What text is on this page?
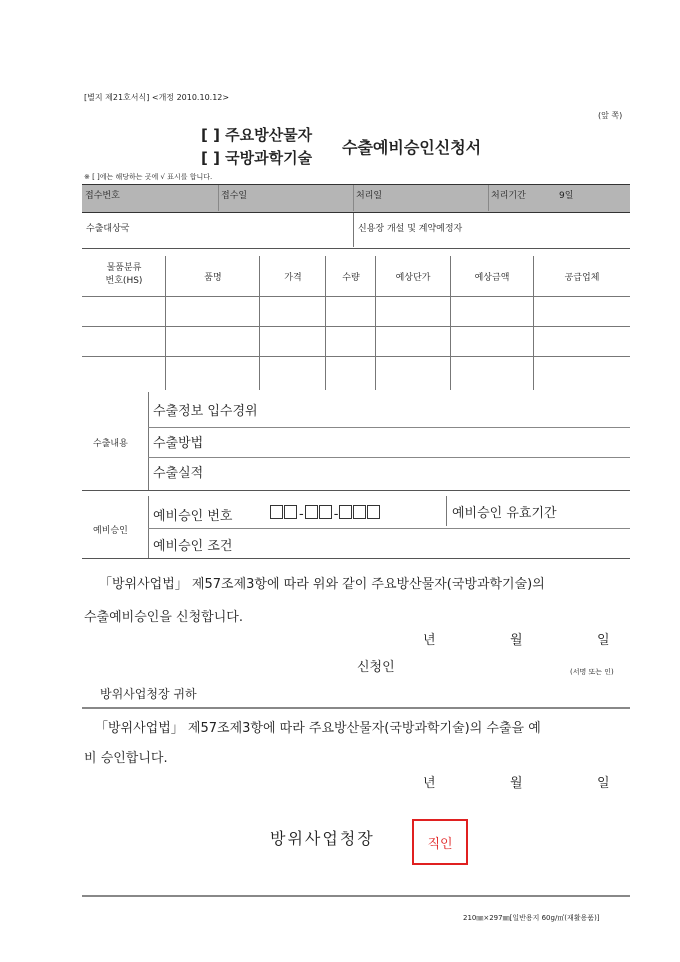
[별지 제21호서식] <개정 2010.10.12>
(앞 쪽)
[ ] 주요방산물자
[ ] 국방과학기술
수출예비승인신청서
※ [ ]에는 해당하는 곳에 √ 표시를 합니다.
접수번호	접수일	처리일	처리기간	9일
수출대상국	신용장 개설 및 계약예정자
물품분류
번호(HS)	품명	가격	수량	예상단가	예상금액	공급업체
수출내용
수출정보 입수경위
수출방법
수출실적
예비승인
예비승인 번호	- -	예비승인 유효기간
예비승인 조건
「방위사업법」 제57조제3항에 따라 위와 같이 주요방산물자(국방과학기술)의
수출예비승인을 신청합니다.
년	월	일
신청인	(서명 또는 인)
방위사업청장 귀하
「방위사업법」 제57조제3항에 따라 주요방산물자(국방과학기술)의 수출을 예
비 승인합니다.
년	월	일
방위사업청장	직인
210㎜×297㎜[일반용지 60g/㎡(재활용품)]
